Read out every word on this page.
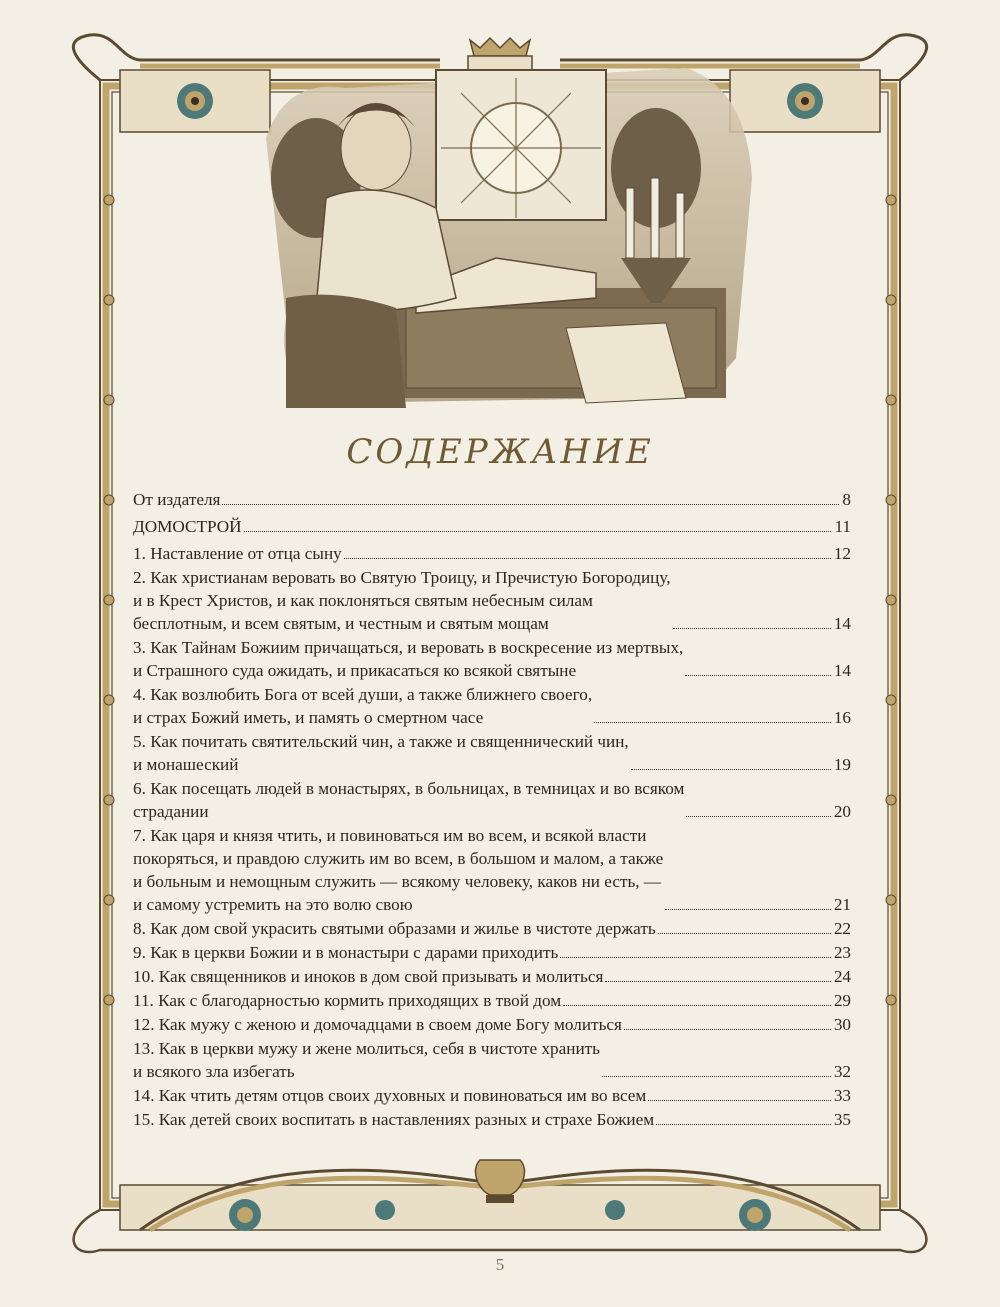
СОДЕРЖАНИЕ
От издателя	8
ДОМОСТРОЙ	11
1. Наставление от отца сыну	12
2. Как христианам веровать во Святую Троицу, и Пречистую Богородицу,
и в Крест Христов, и как поклоняться святым небесным силам
бесплотным, и всем святым, и честным и святым мощам	14
3. Как Тайнам Божиим причащаться, и веровать в воскресение из мертвых,
и Страшного суда ожидать, и прикасаться ко всякой святыне	14
4. Как возлюбить Бога от всей души, а также ближнего своего,
и страх Божий иметь, и память о смертном часе	16
5. Как почитать святительский чин, а также и священнический чин,
и монашеский	19
6. Как посещать людей в монастырях, в больницах, в темницах и во всяком
страдании	20
7. Как царя и князя чтить, и повиноваться им во всем, и всякой власти
покоряться, и правдою служить им во всем, в большом и малом, а также
и больным и немощным служить — всякому человеку, каков ни есть, —
и самому устремить на это волю свою	21
8. Как дом свой украсить святыми образами и жилье в чистоте держать	22
9. Как в церкви Божии и в монастыри с дарами приходить	23
10. Как священников и иноков в дом свой призывать и молиться	24
11. Как с благодарностью кормить приходящих в твой дом	29
12. Как мужу с женою и домочадцами в своем доме Богу молиться	30
13. Как в церкви мужу и жене молиться, себя в чистоте хранить
и всякого зла избегать	32
14. Как чтить детям отцов своих духовных и повиноваться им во всем	33
15. Как детей своих воспитать в наставлениях разных и страхе Божием	35
5
